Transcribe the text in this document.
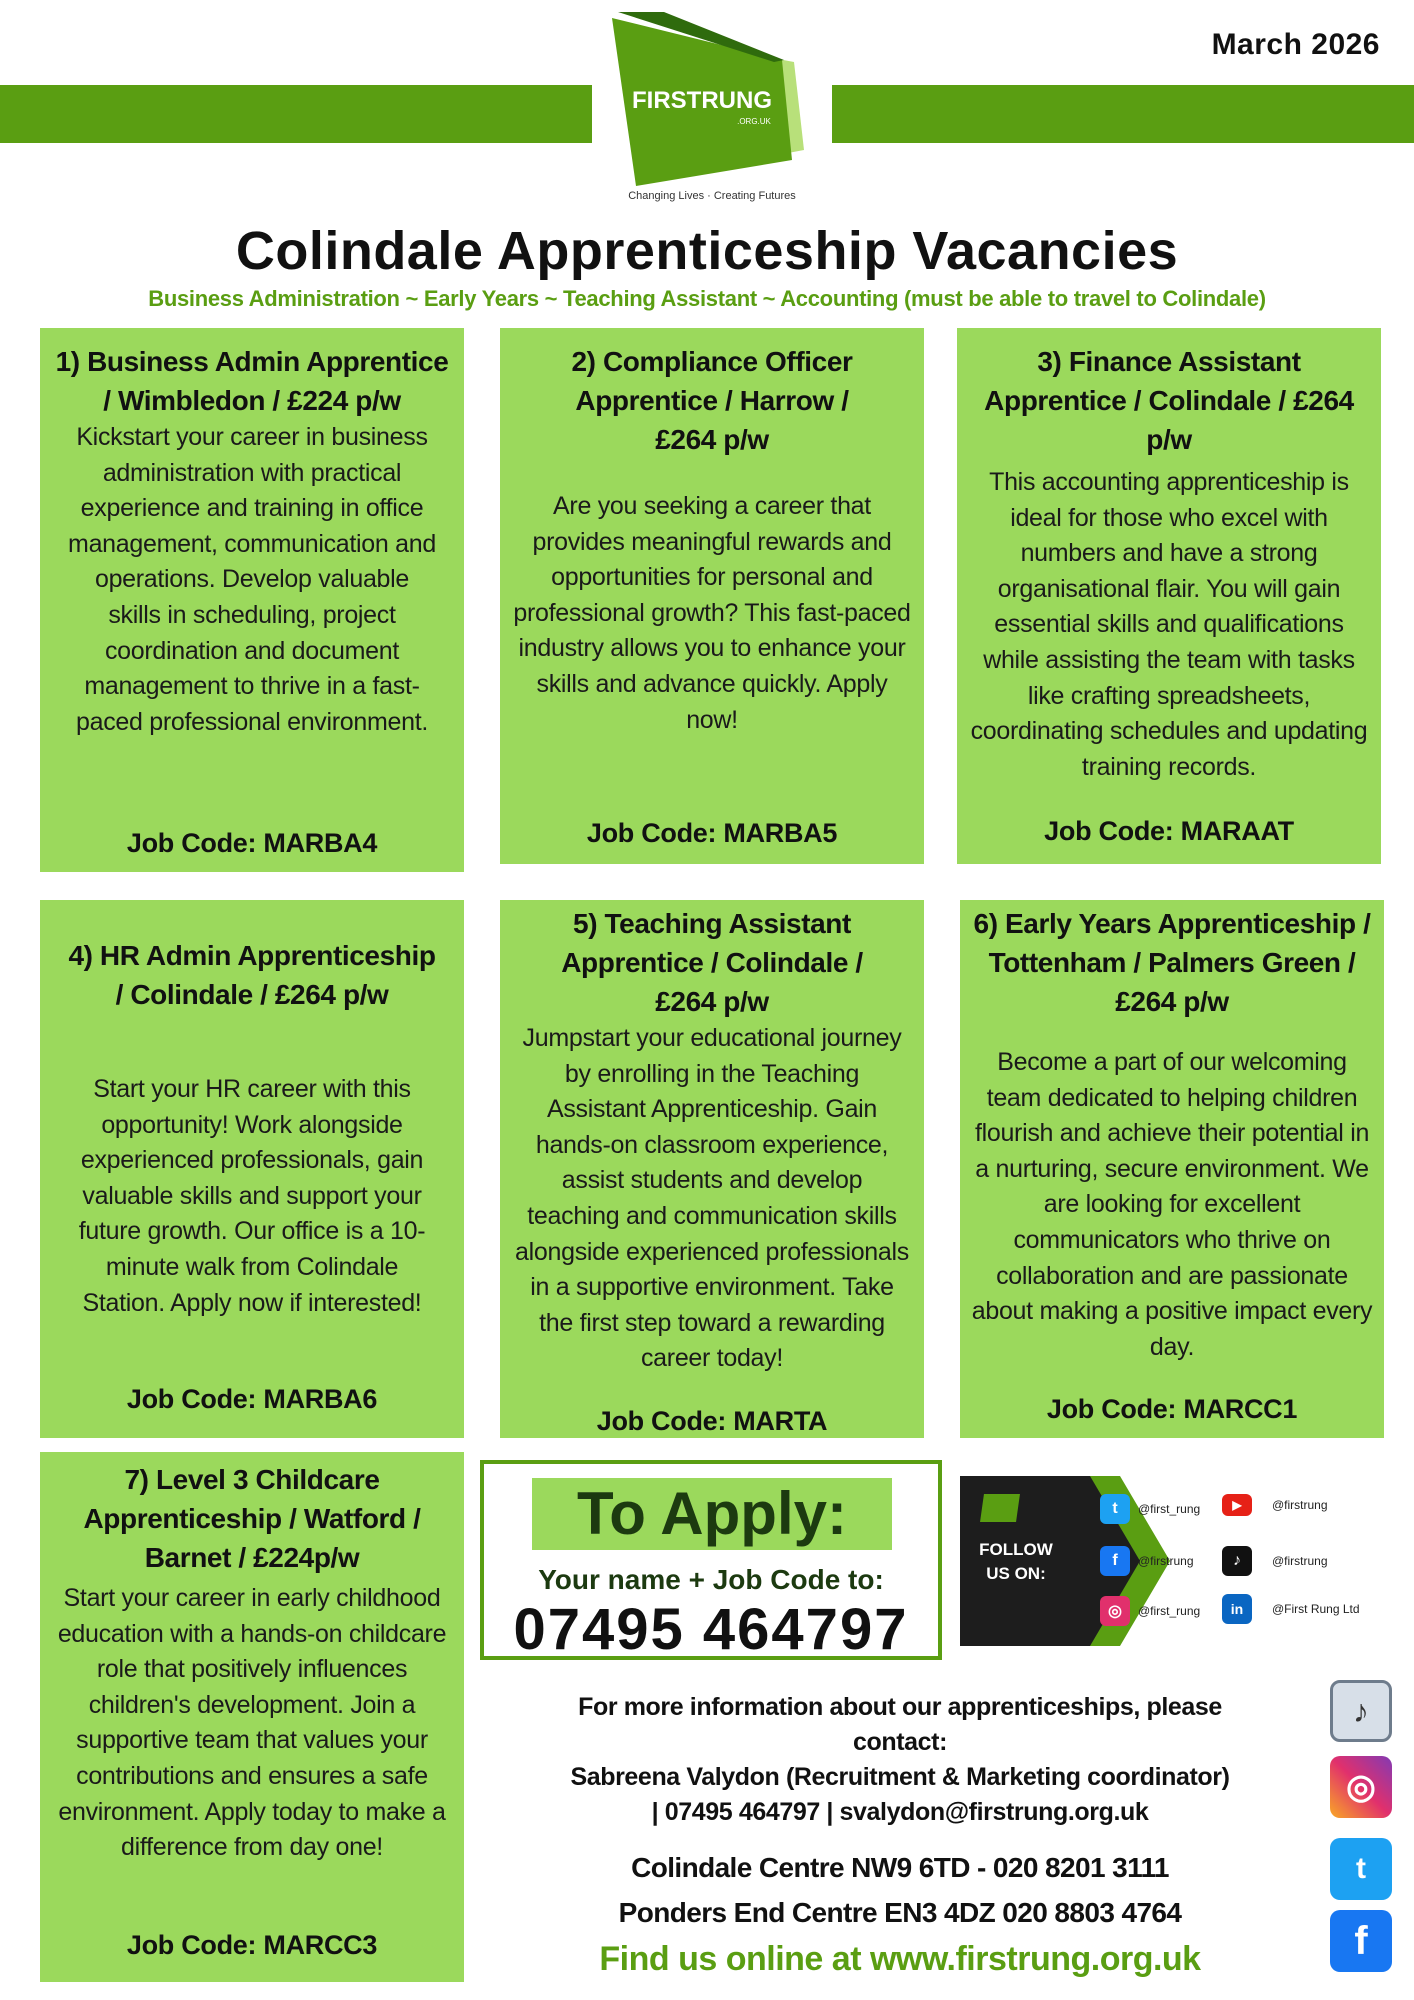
March 2026
FIRSTRUNG
.ORG.UK
Changing Lives · Creating Futures
Colindale Apprenticeship Vacancies
Business Administration ~ Early Years ~ Teaching Assistant ~ Accounting (must be able to travel to Colindale)
1) Business Admin Apprentice / Wimbledon / £224 p/w

Kickstart your career in business administration with practical experience and training in office management, communication and operations. Develop valuable skills in scheduling, project coordination and document management to thrive in a fast-paced professional environment.

Job Code: MARBA4
2) Compliance Officer Apprentice / Harrow / £264 p/w

Are you seeking a career that provides meaningful rewards and opportunities for personal and professional growth? This fast-paced industry allows you to enhance your skills and advance quickly. Apply now!

Job Code: MARBA5
3) Finance Assistant Apprentice / Colindale / £264 p/w

This accounting apprenticeship is ideal for those who excel with numbers and have a strong organisational flair. You will gain essential skills and qualifications while assisting the team with tasks like crafting spreadsheets, coordinating schedules and updating training records.

Job Code: MARAAT
4) HR Admin Apprenticeship / Colindale / £264 p/w

Start your HR career with this opportunity! Work alongside experienced professionals, gain valuable skills and support your future growth. Our office is a 10-minute walk from Colindale Station. Apply now if interested!

Job Code: MARBA6
5) Teaching Assistant Apprentice / Colindale / £264 p/w

Jumpstart your educational journey by enrolling in the Teaching Assistant Apprenticeship. Gain hands-on classroom experience, assist students and develop teaching and communication skills alongside experienced professionals in a supportive environment. Take the first step toward a rewarding career today!

Job Code: MARTA
6) Early Years Apprenticeship / Tottenham / Palmers Green / £264 p/w

Become a part of our welcoming team dedicated to helping children flourish and achieve their potential in a nurturing, secure environment. We are looking for excellent communicators who thrive on collaboration and are passionate about making a positive impact every day.

Job Code: MARCC1
7) Level 3 Childcare Apprenticeship / Watford / Barnet / £224p/w

Start your career in early childhood education with a hands-on childcare role that positively influences children's development. Join a supportive team that values your contributions and ensures a safe environment. Apply today to make a difference from day one!

Job Code: MARCC3
To Apply:
Your name + Job Code to:
07495 464797
FOLLOW US ON:
t	@first_rung	▶	@firstrung
f	@firstrung	♪	@firstrung
◎	@first_rung	in	@First Rung Ltd
For more information about our apprenticeships, please contact:
Sabreena Valydon (Recruitment & Marketing coordinator)
| 07495 464797 | svalydon@firstrung.org.uk
Colindale Centre NW9 6TD - 020 8201 3111
Ponders End Centre EN3 4DZ 020 8803 4764
Find us online at www.firstrung.org.uk
♪
◎
t
f
